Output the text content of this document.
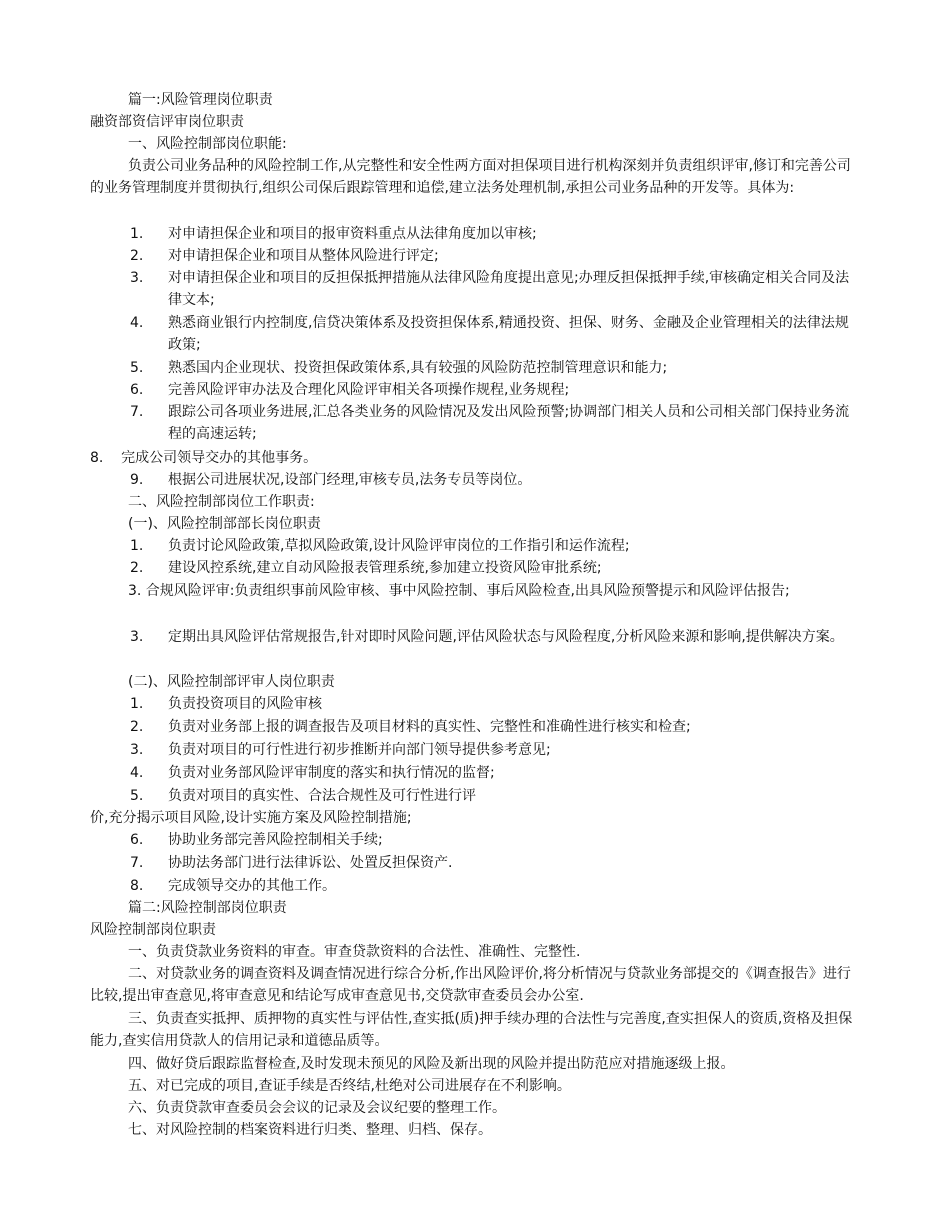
篇一:风险管理岗位职责
融资部资信评审岗位职责
一、风险控制部岗位职能:
负责公司业务品种的风险控制工作,从完整性和安全性两方面对担保项目进行机构深刻并负责组织评审,修订和完善公司的业务管理制度并贯彻执行,组织公司保后跟踪管理和追偿,建立法务处理机制,承担公司业务品种的开发等。具体为:
1.	对申请担保企业和项目的报审资料重点从法律角度加以审核;
2.	对申请担保企业和项目从整体风险进行评定;
3.	对申请担保企业和项目的反担保抵押措施从法律风险角度提出意见;办理反担保抵押手续,审核确定相关合同及法律文本;
4.	熟悉商业银行内控制度,信贷决策体系及投资担保体系,精通投资、担保、财务、金融及企业管理相关的法律法规政策;
5.	熟悉国内企业现状、投资担保政策体系,具有较强的风险防范控制管理意识和能力;
6.	完善风险评审办法及合理化风险评审相关各项操作规程,业务规程;
7.	跟踪公司各项业务进展,汇总各类业务的风险情况及发出风险预警;协调部门相关人员和公司相关部门保持业务流程的高速运转;
8.    完成公司领导交办的其他事务。
9.	根据公司进展状况,设部门经理,审核专员,法务专员等岗位。
二、风险控制部岗位工作职责:
(一)、风险控制部部长岗位职责
1.	负责讨论风险政策,草拟风险政策,设计风险评审岗位的工作指引和运作流程;
2.	建设风控系统,建立自动风险报表管理系统,参加建立投资风险审批系统;
3. 合规风险评审:负责组织事前风险审核、事中风险控制、事后风险检查,出具风险预警提示和风险评估报告;
3.	定期出具风险评估常规报告,针对即时风险问题,评估风险状态与风险程度,分析风险来源和影响,提供解决方案。
(二)、风险控制部评审人岗位职责
1.	负责投资项目的风险审核
2.	负责对业务部上报的调查报告及项目材料的真实性、完整性和准确性进行核实和检查;
3.	负责对项目的可行性进行初步推断并向部门领导提供参考意见;
4.	负责对业务部风险评审制度的落实和执行情况的监督;
5.	负责对项目的真实性、合法合规性及可行性进行评
价,充分揭示项目风险,设计实施方案及风险控制措施;
6.	协助业务部完善风险控制相关手续;
7.	协助法务部门进行法律诉讼、处置反担保资产.
8.	完成领导交办的其他工作。
篇二:风险控制部岗位职责
风险控制部岗位职责
一、负责贷款业务资料的审查。审查贷款资料的合法性、准确性、完整性.
二、对贷款业务的调查资料及调查情况进行综合分析,作出风险评价,将分析情况与贷款业务部提交的《调查报告》进行比较,提出审查意见,将审查意见和结论写成审查意见书,交贷款审查委员会办公室.
三、负责查实抵押、质押物的真实性与评估性,查实抵(质)押手续办理的合法性与完善度,查实担保人的资质,资格及担保能力,查实信用贷款人的信用记录和道德品质等。
四、做好贷后跟踪监督检查,及时发现未预见的风险及新出现的风险并提出防范应对措施逐级上报。
五、对已完成的项目,查证手续是否终结,杜绝对公司进展存在不利影响。
六、负责贷款审查委员会会议的记录及会议纪要的整理工作。
七、对风险控制的档案资料进行归类、整理、归档、保存。
